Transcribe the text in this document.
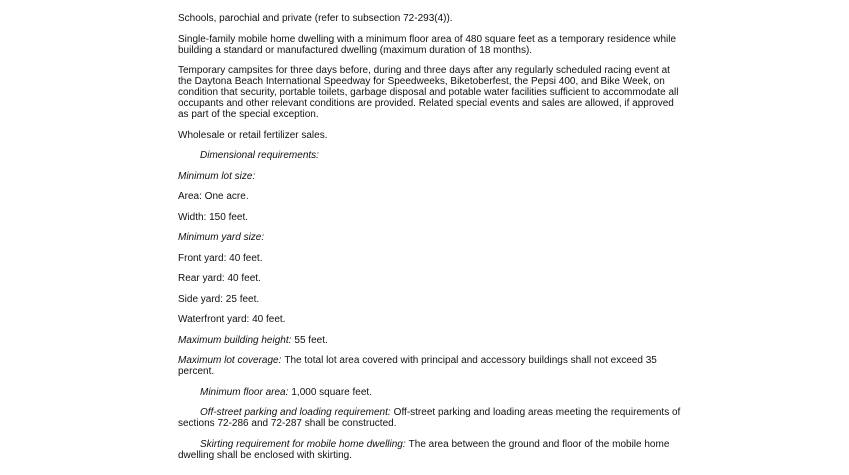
Schools, parochial and private (refer to subsection 72-293(4)).

Single-family mobile home dwelling with a minimum floor area of 480 square feet as a temporary residence while building a standard or manufactured dwelling (maximum duration of 18 months).

Temporary campsites for three days before, during and three days after any regularly scheduled racing event at the Daytona Beach International Speedway for Speedweeks, Biketoberfest, the Pepsi 400, and Bike Week, on condition that security, portable toilets, garbage disposal and potable water facilities sufficient to accommodate all occupants and other relevant conditions are provided. Related special events and sales are allowed, if approved as part of the special exception.

Wholesale or retail fertilizer sales.

Dimensional requirements:

Minimum lot size:

Area: One acre.

Width: 150 feet.

Minimum yard size:

Front yard: 40 feet.

Rear yard: 40 feet.

Side yard: 25 feet.

Waterfront yard: 40 feet.

Maximum building height: 55 feet.

Maximum lot coverage: The total lot area covered with principal and accessory buildings shall not exceed 35 percent.

Minimum floor area: 1,000 square feet.

Off-street parking and loading requirement: Off-street parking and loading areas meeting the requirements of sections 72-286 and 72-287 shall be constructed.

Skirting requirement for mobile home dwelling: The area between the ground and floor of the mobile home dwelling shall be enclosed with skirting.
